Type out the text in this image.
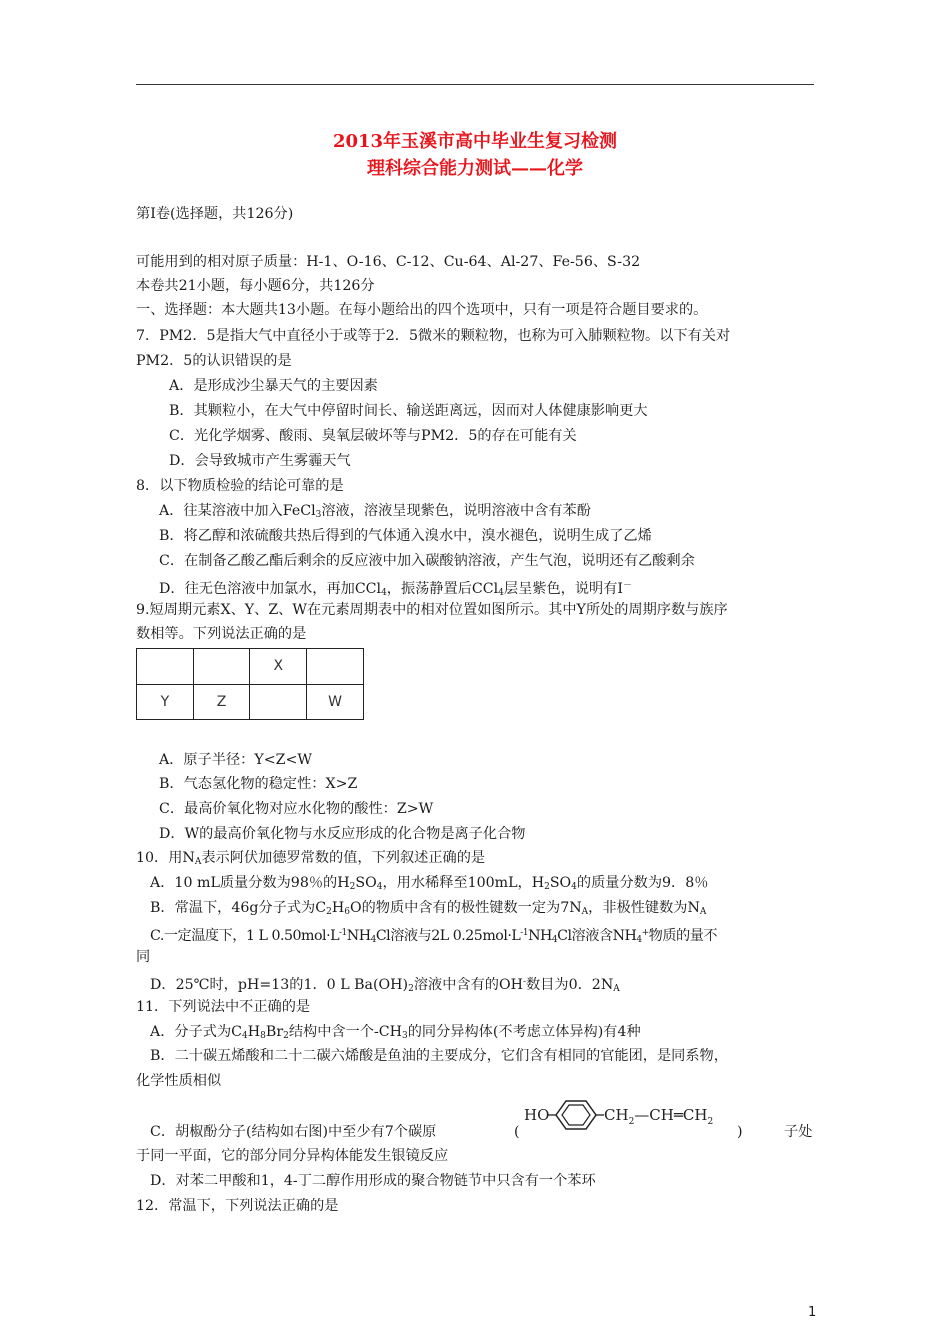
2013年玉溪市高中毕业生复习检测
理科综合能力测试——化学
第Ⅰ卷(选择题，共126分)
可能用到的相对原子质量：H-1、O-16、C-12、Cu-64、Al-27、Fe-56、S-32
本卷共21小题，每小题6分，共126分
一、选择题：本大题共13小题。在每小题给出的四个选项中，只有一项是符合题目要求的。
7．PM2．5是指大气中直径小于或等于2．5微米的颗粒物，也称为可入肺颗粒物。以下有关对
PM2．5的认识错误的是
A．是形成沙尘暴天气的主要因素
B．其颗粒小，在大气中停留时间长、输送距离远，因而对人体健康影响更大
C．光化学烟雾、酸雨、臭氧层破坏等与PM2．5的存在可能有关
D．会导致城市产生雾霾天气
8．以下物质检验的结论可靠的是
A．往某溶液中加入FeCl$_3$溶液，溶液呈现紫色，说明溶液中含有苯酚
B．将乙醇和浓硫酸共热后得到的气体通入溴水中，溴水褪色，说明生成了乙烯
C．在制备乙酸乙酯后剩余的反应液中加入碳酸钠溶液，产生气泡，说明还有乙酸剩余
D．往无色溶液中加氯水，再加CCl$_4$，振荡静置后CCl$_4$层呈紫色，说明有I－
9.短周期元素X、Y、Z、W在元素周期表中的相对位置如图所示。其中Y所处的周期序数与族序
数相等。下列说法正确的是
		X	
Y	Z		W
A．原子半径：Y<Z<W
B．气态氢化物的稳定性：X>Z
C．最高价氧化物对应水化物的酸性：Z>W
D．W的最高价氧化物与水反应形成的化合物是离子化合物
10．用$N_A$表示阿伏加德罗常数的值，下列叙述正确的是
A．10 mL质量分数为98％的$H_2SO_4$，用水稀释至100mL，$H_2SO_4$的质量分数为9．8％
B．常温下，46g分子式为$C_2H_6O$的物质中含有的极性键数一定为$7N_A$，非极性键数为$N_A$
C.一定温度下，1 L $0.50mol\cdot L^{-1}NH_4Cl$溶液与2L $0.25mol\cdot L^{-1}NH_4Cl$溶液含$NH_4^+$物质的量不
同
D．25℃时，pH=13的1．0 L $Ba(OH)_2$溶液中含有的OH-数目为0．$2N_A$
11．下列说法中不正确的是
A．分子式为$C_4H_8Br_2$结构中含一个$-CH_3$的同分异构体(不考虑立体异构)有4种
B．二十碳五烯酸和二十二碳六烯酸是鱼油的主要成分，它们含有相同的官能团，是同系物，
化学性质相似
C．胡椒酚分子(结构如右图)中至少有7个碳原	(	)	子处
HO	$CH_2—CH═CH_2$
于同一平面，它的部分同分异构体能发生银镜反应
D．对苯二甲酸和1，4-丁二醇作用形成的聚合物链节中只含有一个苯环
12．常温下，下列说法正确的是
1
